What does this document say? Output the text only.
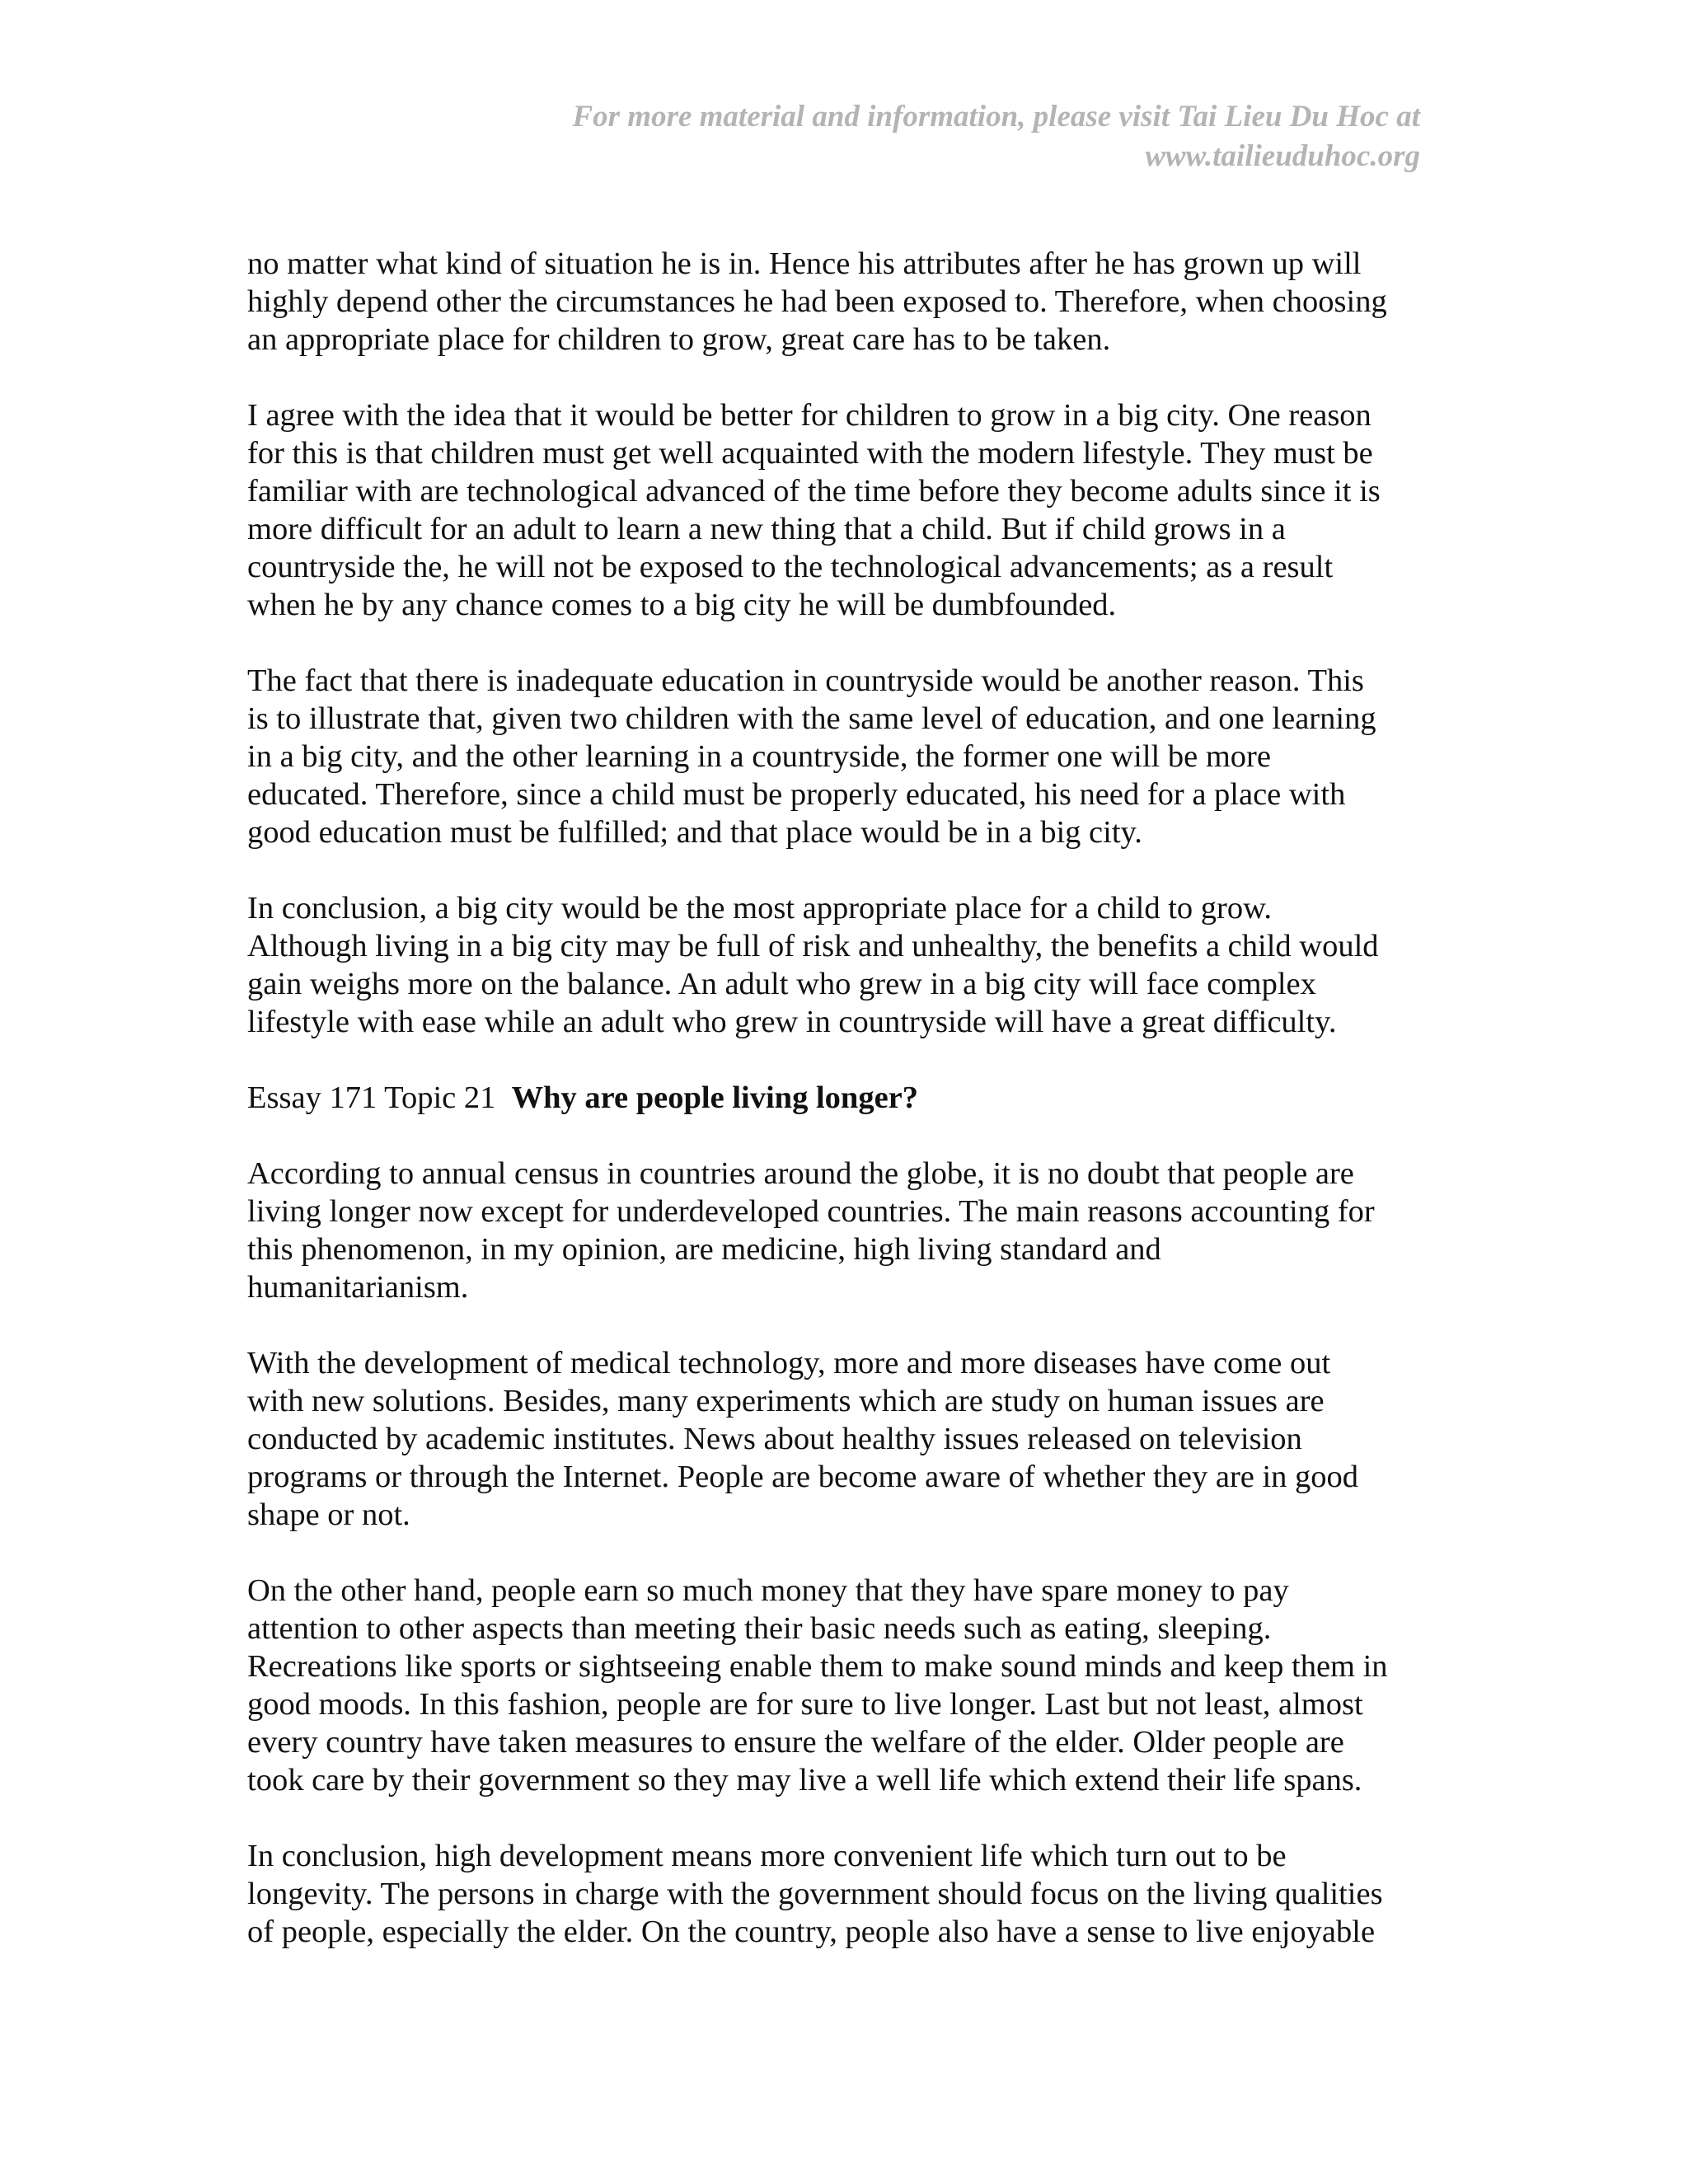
For more material and information, please visit Tai Lieu Du Hoc at
www.tailieuduhoc.org
no matter what kind of situation he is in. Hence his attributes after he has grown up will
highly depend other the circumstances he had been exposed to. Therefore, when choosing
an appropriate place for children to grow, great care has to be taken.
I agree with the idea that it would be better for children to grow in a big city. One reason
for this is that children must get well acquainted with the modern lifestyle. They must be
familiar with are technological advanced of the time before they become adults since it is
more difficult for an adult to learn a new thing that a child. But if child grows in a
countryside the, he will not be exposed to the technological advancements; as a result
when he by any chance comes to a big city he will be dumbfounded.
The fact that there is inadequate education in countryside would be another reason. This
is to illustrate that, given two children with the same level of education, and one learning
in a big city, and the other learning in a countryside, the former one will be more
educated. Therefore, since a child must be properly educated, his need for a place with
good education must be fulfilled; and that place would be in a big city.
In conclusion, a big city would be the most appropriate place for a child to grow.
Although living in a big city may be full of risk and unhealthy, the benefits a child would
gain weighs more on the balance. An adult who grew in a big city will face complex
lifestyle with ease while an adult who grew in countryside will have a great difficulty.
Essay 171 Topic 21 Why are people living longer?
According to annual census in countries around the globe, it is no doubt that people are
living longer now except for underdeveloped countries. The main reasons accounting for
this phenomenon, in my opinion, are medicine, high living standard and
humanitarianism.
With the development of medical technology, more and more diseases have come out
with new solutions. Besides, many experiments which are study on human issues are
conducted by academic institutes. News about healthy issues released on television
programs or through the Internet. People are become aware of whether they are in good
shape or not.
On the other hand, people earn so much money that they have spare money to pay
attention to other aspects than meeting their basic needs such as eating, sleeping.
Recreations like sports or sightseeing enable them to make sound minds and keep them in
good moods. In this fashion, people are for sure to live longer. Last but not least, almost
every country have taken measures to ensure the welfare of the elder. Older people are
took care by their government so they may live a well life which extend their life spans.
In conclusion, high development means more convenient life which turn out to be
longevity. The persons in charge with the government should focus on the living qualities
of people, especially the elder. On the country, people also have a sense to live enjoyable
